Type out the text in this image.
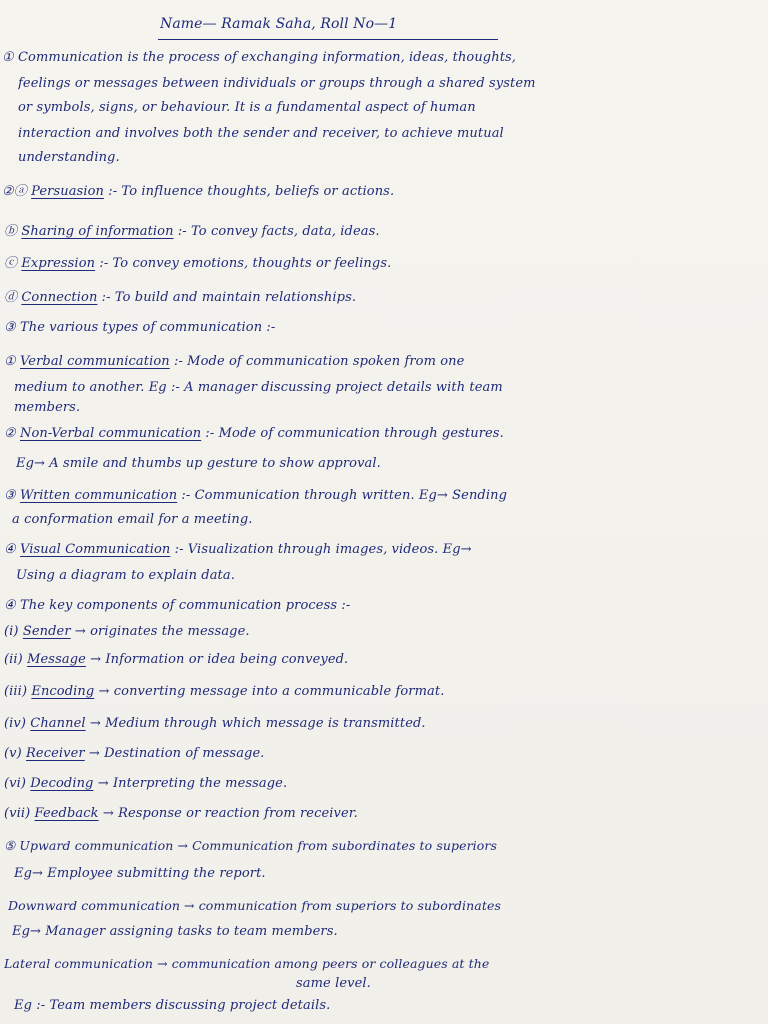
Name— Ramak Saha, Roll No—1
① Communication is the process of exchanging information, ideas, thoughts,
feelings or messages between individuals or groups through a shared system
or symbols, signs, or behaviour. It is a fundamental aspect of human
interaction and involves both the sender and receiver, to achieve mutual
understanding.
②ⓐ Persuasion :- To influence thoughts, beliefs or actions.
ⓑ Sharing of information :- To convey facts, data, ideas.
ⓒ Expression :- To convey emotions, thoughts or feelings.
ⓓ Connection :- To build and maintain relationships.
③ The various types of communication :-
① Verbal communication :- Mode of communication spoken from one
medium to another. Eg :- A manager discussing project details with team
members.
② Non-Verbal communication :- Mode of communication through gestures.
Eg→ A smile and thumbs up gesture to show approval.
③ Written communication :- Communication through written. Eg→ Sending
a conformation email for a meeting.
④ Visual Communication :- Visualization through images, videos. Eg→
Using a diagram to explain data.
④ The key components of communication process :-
(i) Sender → originates the message.
(ii) Message → Information or idea being conveyed.
(iii) Encoding → converting message into a communicable format.
(iv) Channel → Medium through which message is transmitted.
(v) Receiver → Destination of message.
(vi) Decoding → Interpreting the message.
(vii) Feedback → Response or reaction from receiver.
⑤ Upward communication → Communication from subordinates to superiors
Eg→ Employee submitting the report.
Downward communication → communication from superiors to subordinates
Eg→ Manager assigning tasks to team members.
Lateral communication → communication among peers or colleagues at the
same level.
Eg :- Team members discussing project details.
